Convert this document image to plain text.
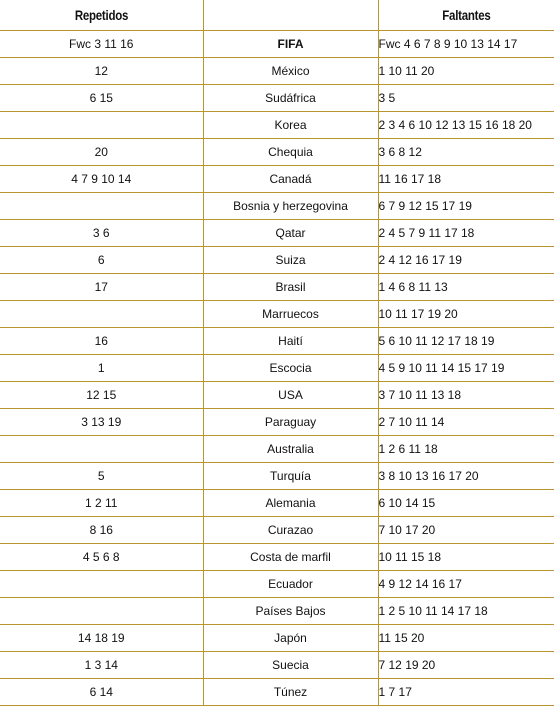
Repetidos		Faltantes
Fwc 3 11 16	FIFA	Fwc 4 6 7 8 9 10 13 14 17
12	México	1 10 11 20
6 15	Sudáfrica	3 5
	Korea	2 3 4 6 10 12 13 15 16 18 20
20	Chequia	3 6 8 12
4 7 9 10 14	Canadá	11 16 17 18
	Bosnia y herzegovina	6 7 9 12 15 17 19
3 6	Qatar	2 4 5 7 9 11 17 18
6	Suiza	2 4 12 16 17 19
17	Brasil	1 4 6 8 11 13
	Marruecos	10 11 17 19 20
16	Haití	5 6 10 11 12 17 18 19
1	Escocia	4 5 9 10 11 14 15 17 19
12 15	USA	3 7 10 11 13 18
3 13 19	Paraguay	2 7 10 11 14
	Australia	1 2 6 11 18
5	Turquía	3 8 10 13 16 17 20
1 2 11	Alemania	6 10 14 15
8 16	Curazao	7 10 17 20
4 5 6 8	Costa de marfil	10 11 15 18
	Ecuador	4 9 12 14 16 17
	Países Bajos	1 2 5 10 11 14 17 18
14 18 19	Japón	11 15 20
1 3 14	Suecia	7 12 19 20
6 14	Túnez	1 7 17
